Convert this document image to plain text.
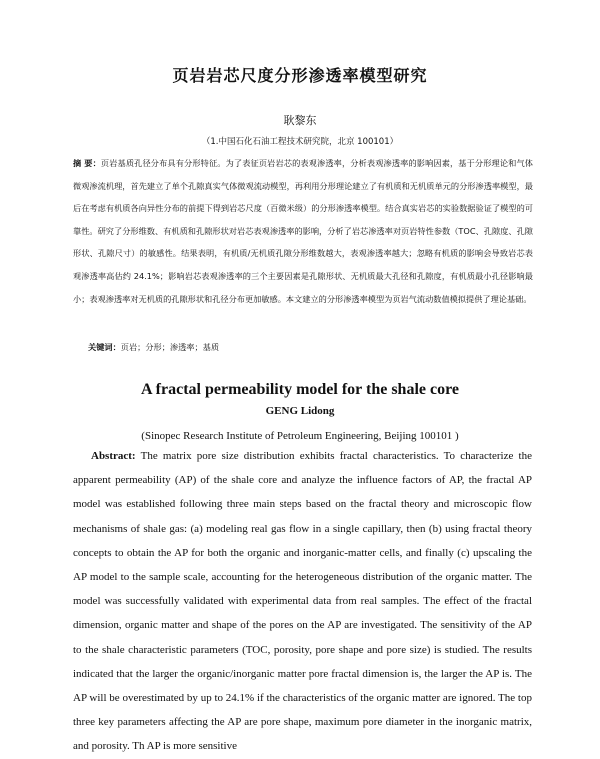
页岩岩芯尺度分形渗透率模型研究
耿黎东
（1.中国石化石油工程技术研究院，北京 100101）
摘 要：页岩基质孔径分布具有分形特征。为了表征页岩岩芯的表观渗透率，分析表观渗透率的影响因素，基于分形理论和气体微观渗流机理，首先建立了单个孔隙真实气体微观流动模型，再利用分形理论建立了有机质和无机质单元的分形渗透率模型，最后在考虑有机质各向异性分布的前提下得到岩芯尺度（百微米级）的分形渗透率模型。结合真实岩芯的实验数据验证了模型的可靠性。研究了分形维数、有机质和孔隙形状对岩芯表观渗透率的影响，分析了岩芯渗透率对页岩特性参数（TOC、孔隙度、孔隙形状、孔隙尺寸）的敏感性。结果表明，有机质/无机质孔隙分形维数越大，表观渗透率越大；忽略有机质的影响会导致岩芯表观渗透率高估约 24.1%；影响岩芯表观渗透率的三个主要因素是孔隙形状、无机质最大孔径和孔隙度，有机质最小孔径影响最小；表观渗透率对无机质的孔隙形状和孔径分布更加敏感。本文建立的分形渗透率模型为页岩气流动数值模拟提供了理论基础。
关键词：页岩；分形；渗透率；基质
A fractal permeability model for the shale core
GENG Lidong
(Sinopec Research Institute of Petroleum Engineering, Beijing 100101 )
Abstract: The matrix pore size distribution exhibits fractal characteristics. To characterize the apparent permeability (AP) of the shale core and analyze the influence factors of AP, the fractal AP model was established following three main steps based on the fractal theory and microscopic flow mechanisms of shale gas: (a) modeling real gas flow in a single capillary, then (b) using fractal theory concepts to obtain the AP for both the organic and inorganic-matter cells, and finally (c) upscaling the AP model to the sample scale, accounting for the heterogeneous distribution of the organic matter. The model was successfully validated with experimental data from real samples. The effect of the fractal dimension, organic matter and shape of the pores on the AP are investigated. The sensitivity of the AP to the shale characteristic parameters (TOC, porosity, pore shape and pore size) is studied. The results indicated that the larger the organic/inorganic matter pore fractal dimension is, the larger the AP is. The AP will be overestimated by up to 24.1% if the characteristics of the organic matter are ignored. The top three key parameters affecting the AP are pore shape, maximum pore diameter in the inorganic matrix, and porosity. Th AP is more sensitive
